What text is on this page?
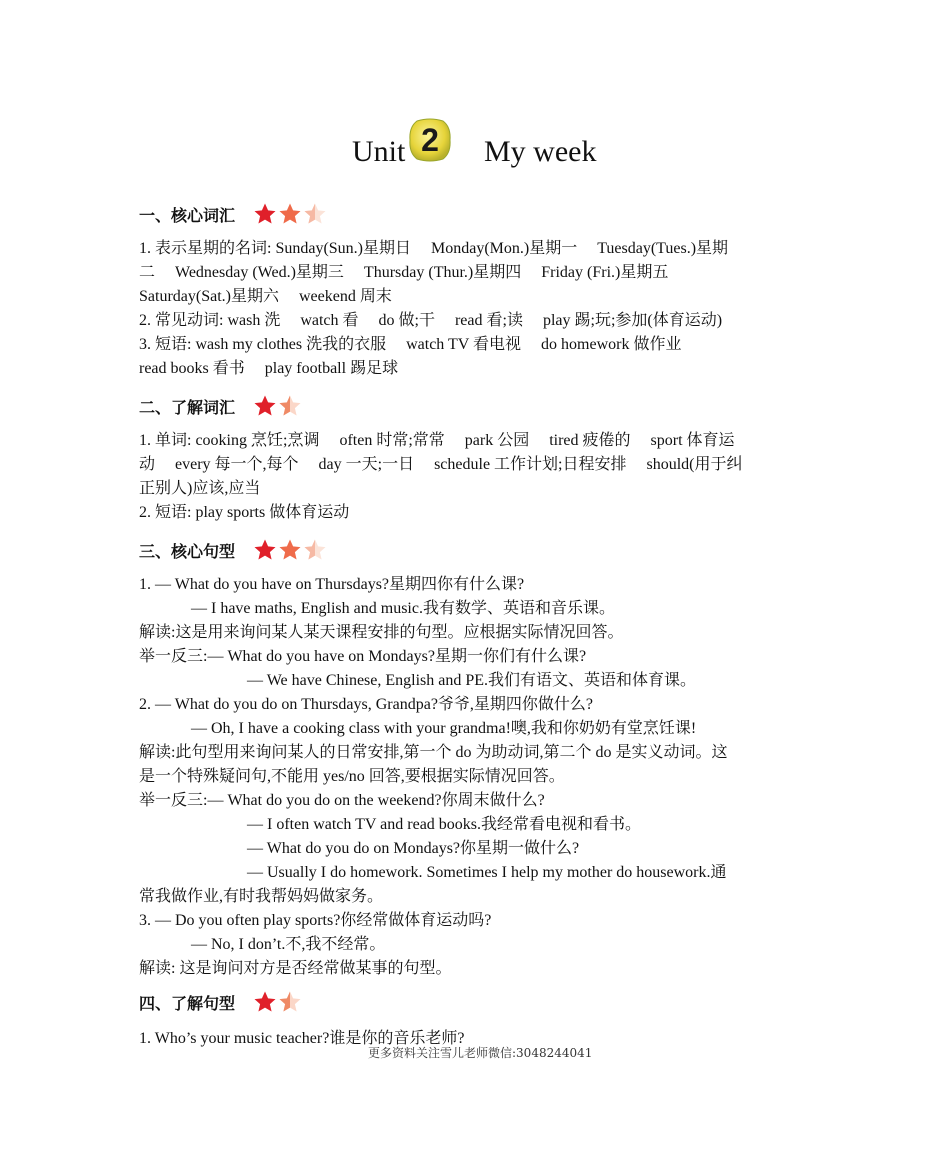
Unit 2	My week
一、核心词汇
1. 表示星期的名词: Sunday(Sun.)星期日　 Monday(Mon.)星期一　 Tuesday(Tues.)星期
二　 Wednesday (Wed.)星期三　 Thursday (Thur.)星期四　 Friday (Fri.)星期五
Saturday(Sat.)星期六　 weekend 周末
2. 常见动词: wash 洗　 watch 看　 do 做;干　 read 看;读　 play 踢;玩;参加(体育运动)
3. 短语: wash my clothes 洗我的衣服　 watch TV 看电视　 do homework 做作业
read books 看书　 play football 踢足球
二、了解词汇
1. 单词: cooking 烹饪;烹调　 often 时常;常常　 park 公园　 tired 疲倦的　 sport 体育运
动　 every 每一个,每个　 day 一天;一日　 schedule 工作计划;日程安排　 should(用于纠
正别人)应该,应当
2. 短语: play sports 做体育运动
三、核心句型
1. — What do you have on Thursdays?星期四你有什么课?
— I have maths, English and music.我有数学、英语和音乐课。
解读:这是用来询问某人某天课程安排的句型。应根据实际情况回答。
举一反三:— What do you have on Mondays?星期一你们有什么课?
— We have Chinese, English and PE.我们有语文、英语和体育课。
2. — What do you do on Thursdays, Grandpa?爷爷,星期四你做什么?
— Oh, I have a cooking class with your grandma!噢,我和你奶奶有堂烹饪课!
解读:此句型用来询问某人的日常安排,第一个 do 为助动词,第二个 do 是实义动词。这
是一个特殊疑问句,不能用 yes/no 回答,要根据实际情况回答。
举一反三:— What do you do on the weekend?你周末做什么?
— I often watch TV and read books.我经常看电视和看书。
— What do you do on Mondays?你星期一做什么?
— Usually I do homework. Sometimes I help my mother do housework.通
常我做作业,有时我帮妈妈做家务。
3. — Do you often play sports?你经常做体育运动吗?
— No, I don’t.不,我不经常。
解读: 这是询问对方是否经常做某事的句型。
四、了解句型
1. Who’s your music teacher?谁是你的音乐老师?
更多资料关注雪儿老师微信:3048244041
